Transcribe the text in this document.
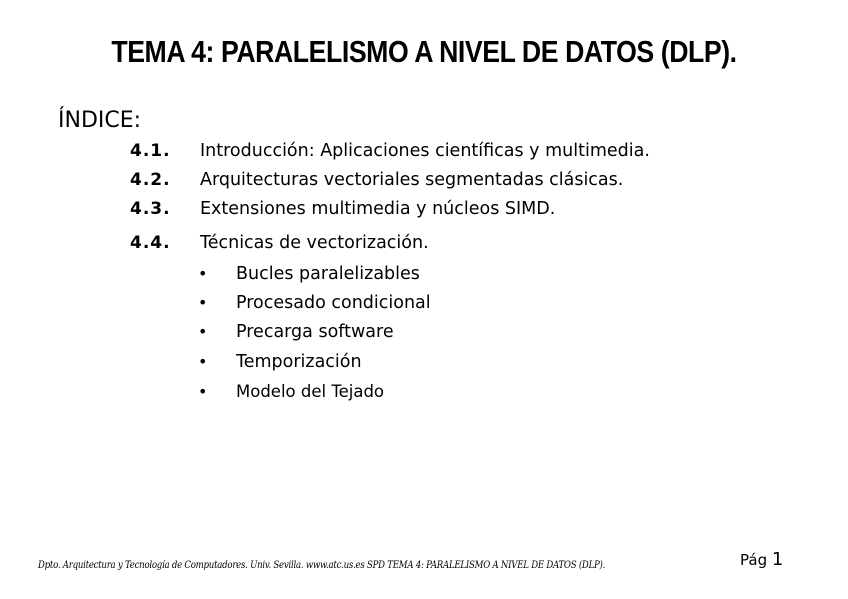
TEMA 4: PARALELISMO A NIVEL DE DATOS (DLP).
ÍNDICE:
4.1. Introducción: Aplicaciones científicas y multimedia.
4.2. Arquitecturas vectoriales segmentadas clásicas.
4.3. Extensiones multimedia y núcleos SIMD.
4.4. Técnicas de vectorización.
• Bucles paralelizables
• Procesado condicional
• Precarga software
• Temporización
• Modelo del Tejado
Dpto. Arquitectura y Tecnología de Computadores. Univ. Sevilla. www.atc.us.es SPD TEMA 4: PARALELISMO A NIVEL DE DATOS (DLP).	Pág 1
